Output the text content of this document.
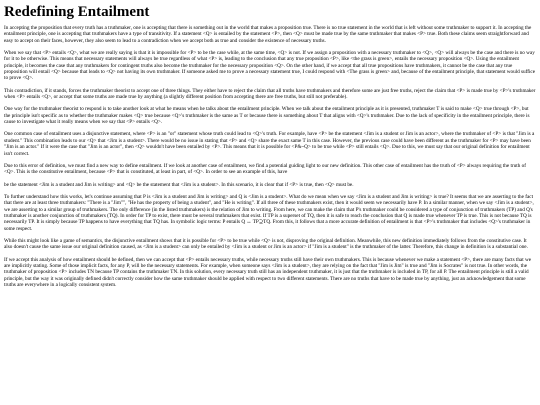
Redefining Entailment

In accepting the proposition that every truth has a truthmaker, one is accepting that there is something out in the world that makes a proposition true. There is no true statement in the world that is left without some truthmaker to support it. In accepting the entailment principle, one is accepting that truthmakers have a type of transitivity. If a statement <Q> is entailed by the statement <P>, then <Q> must be made true by the same truthmaker that makes <P> true. Both these claims seem straightforward and easy to accept on their faces, however, they also seem to lead to a contradiction when we accept both as true and consider the existence of necessary truths.

When we say that <P> entails <Q>, what we are really saying is that it is impossible for <P> to be the case while, at the same time, <Q> is not. If we assign a proposition with a necessary truthmaker to <Q>, <Q> will always be the case and there is no way for it to be otherwise. This means that necessary statements will always be true regardless of what <P> is, leading to the conclusion that any true proposition <P>, like <the grass is green>, entails the necessary proposition <Q>. Using the entailment principle, it becomes the case that any truthmakers for contingent truths also become the truthmaker for the necessary proposition <Q>. On the other hand, if we accept that all true propositions have truthmakers, it cannot be the case that any true proposition will entail <Q> because that leads to <Q> not having its own truthmaker. If someone asked me to prove a necessary statement true, I could respond with <The grass is green> and, because of the entailment principle, that statement would suffice to prove <Q>.

This contradiction, if it stands, forces the truthmaker theorist to accept one of three things. They either have to reject the claim that all truths have truthmakers and therefore some are just free truths, reject the claim that <P> is made true by <P>'s truthmaker when <P> entails <Q>, or accept that some truths are made true by anything (a slightly different position from accepting there are free truths, but still not preferable).

One way for the truthmaker theorist to respond is to take another look at what he means when he talks about the entailment principle. When we talk about the entailment principle as it is presented, truthmaker T is said to make <Q> true through <P>, but the principle isn't specific as to whether the truthmaker makes <Q> true because <Q>'s truthmaker is the same as T or because there is something about T that aligns with <Q>'s truthmaker. Due to the lack of specificity in the entailment principle, there is cause to investigate what it really means when we say that <P> entails <Q>.

One common case of entailment uses a disjunctive statement, where <P> is an "or" statement whose truth could lead to <Q>'s truth. For example, have <P> be the statement <Jim is a student or Jim is an actor>, where the truthmaker of <P> is that "Jim is a student." This combination leads to our <Q> that <Jim is a student>. There would be no issue in stating that <P> and <Q> share the exact same T in this case. However, the previous case could have been different as the truthmaker for <P> may have been "Jim is an actor." If it were the case that "Jim is an actor", then <Q> wouldn't have been entailed by <P>. This means that it is possible for <P&~Q> to be true while <P> still entails <Q>. Due to this, we must say that our original definition for entailment isn't correct.

Due to this error of definition, we must find a new way to define entailment. If we look at another case of entailment, we find a potential guiding light to our new definition. This other case of entailment has the truth of <P> always requiring the truth of <Q>. This is the constitutive entailment, because <P> that is constituted, at least in part, of <Q>. In order to see an example of this, have

be the statement <Jim is a student and Jim is writing> and <Q> be the statement that <Jim is a student>. In this scenario, it is clear that if <P> is true, then <Q> must be.

To further understand how this works, let's continue assuming that P is <Jim is a student and Jim is writing> and Q is <Jim is a student>. What do we mean when we say <Jim is a student and Jim is writing> is true? It seems that we are asserting to the fact that there are at least three truthmakers: "There is a "Jim"", "He has the property of being a student", and "He is writing". If all three of these truthmakers exist, then it would seem we necessarily have P. In a similar manner, when we say <Jim is a student>, we are asserting to a similar group of truthmakers. The only difference (in the listed truthmakers) is the relation of Jim to writing. From here, we can make the claim that P's truthmaker could be considered a type of conjunction of truthmakers (TP) and Q's truthmaker is another conjunction of truthmakers (TQ). In order for TP to exist, there must be several truthmakers that exist. If TP is a superset of TQ, then it is safe to reach the conclusion that Q is made true whenever TP is true. This is not because TQ is necessarily TP. It is simply because TP happens to have everything that TQ has. In symbolic logic terms: P entails Q ↔ TP⊇TQ. From this, it follows that a more accurate definition of entailment is that <P>'s truthmaker that includes <Q>'s truthmaker in some respect.

While this might look like a game of semantics, the disjunctive entailment shows that it is possible for <P> to be true while <Q> is not, disproving the original definition. Meanwhile, this new definition immediately follows from the constitutive case. It also doesn't cause the same issue our original definition caused, as <Jim is a student> can only be entailed by <Jim is a student or Jim is an actor> if "Jim is a student" is the truthmaker of the latter. Therefore, this change in definition is a substantial one.

If we accept this analysis of how entailment should be defined, then we can accept that <P> entails necessary truths, while necessary truths still have their own truthmakers. This is because whenever we make a statement <P>, there are many facts that we are implicitly stating. Some of those implicit facts, for any P, will be the necessary statements. For example, when someone says <Jim is a student>, they are relying on the fact that "Jim is Jim" is true and "Jim is Socrates" is not true. In other words, the truthmaker of proposition <P> includes TN because TP contains the truthmaker TN. In this solution, every necessary truth still has an independent truthmaker, it is just that the truthmaker is included in TP, for all P. The entailment principle is still a valid principle, but the way it was originally defined didn't correctly consider how the same truthmaker should be applied with respect to two different statements. There are no truths that have to be made true by anything, just an acknowledgement that some truths are everywhere in a logically consistent system.
